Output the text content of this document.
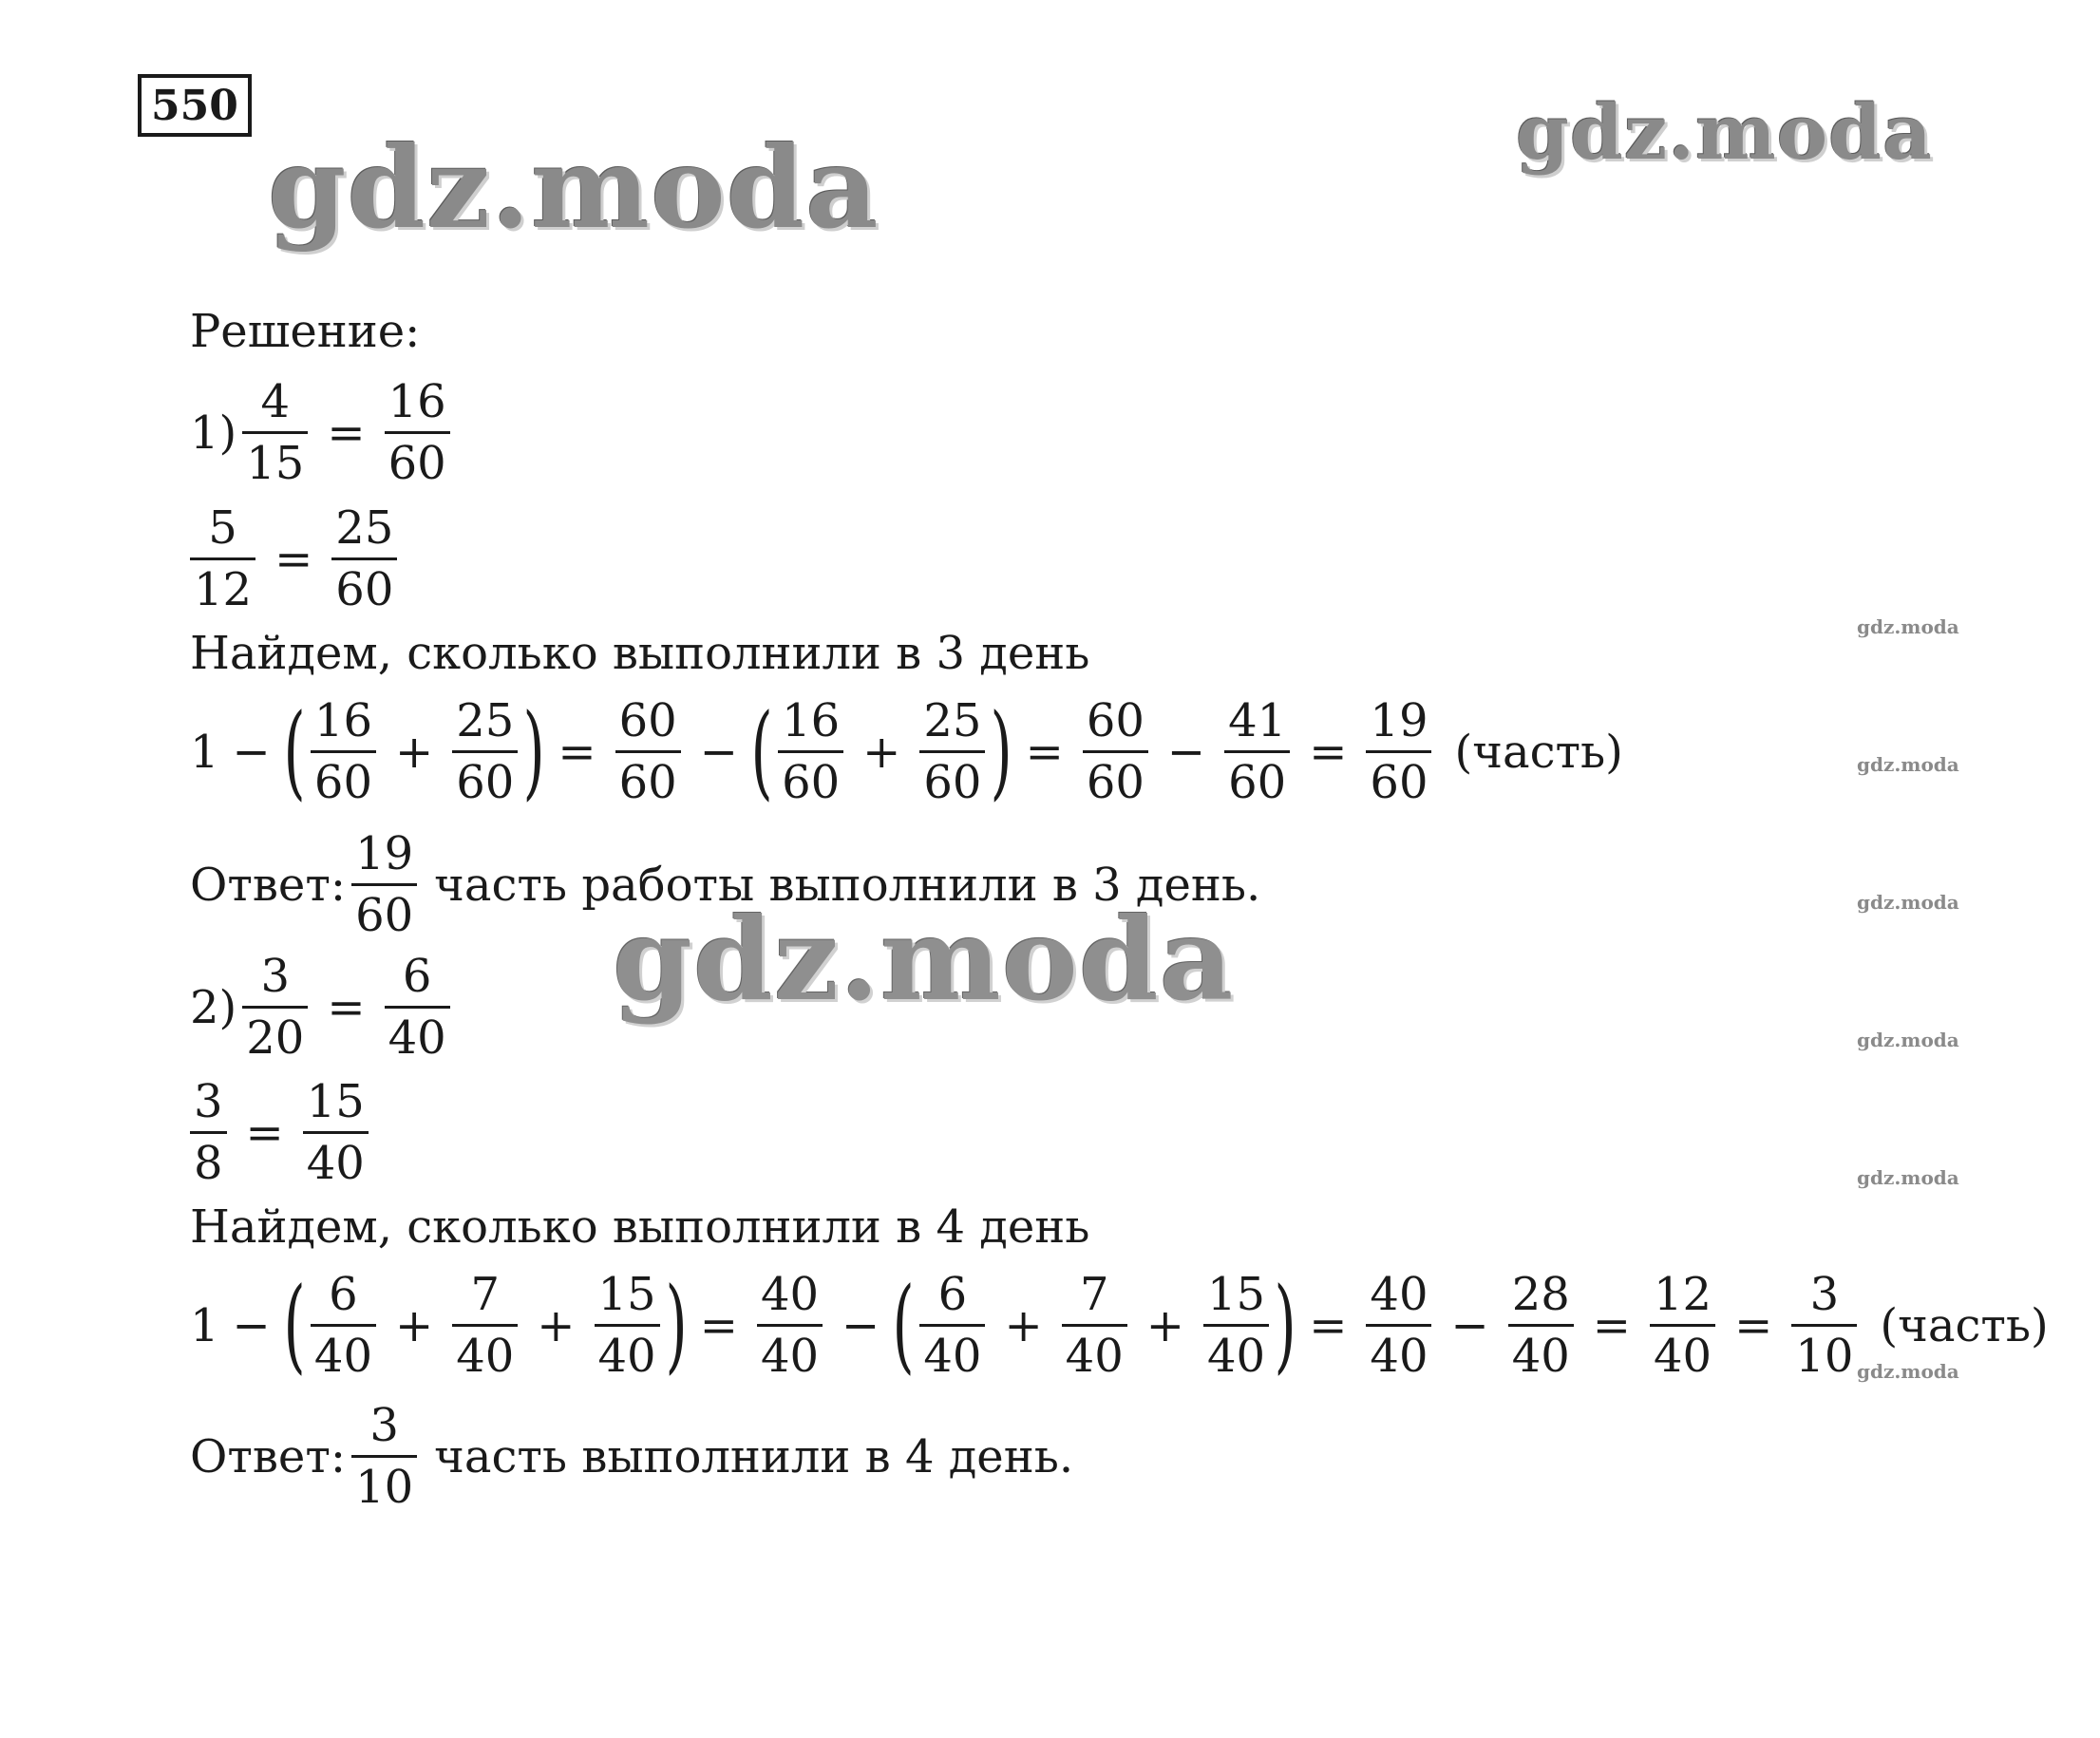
550
gdz.moda	gdz.moda
gdz.moda
gdz.moda
gdz.moda
gdz.moda
gdz.moda
gdz.moda
Решение:
$1) \frac{4}{15} = \frac{16}{60}$
$\frac{5}{12} = \frac{25}{60}$
Найдем, сколько выполнили в 3 день
1 − ( $\frac{16}{60} + \frac{25}{60}$ ) = $\frac{60}{60}$ − ( $\frac{16}{60} + \frac{25}{60}$ ) = $\frac{60}{60} - \frac{41}{60} = \frac{19}{60}$ (часть)
Ответ: $\frac{19}{60}$ часть работы выполнили в 3 день.
$2) \frac{3}{20} = \frac{6}{40}$
$\frac{3}{8} = \frac{15}{40}$
Найдем, сколько выполнили в 4 день
1 − ( $\frac{6}{40} + \frac{7}{40} + \frac{15}{40}$ ) = $\frac{40}{40}$ − ( $\frac{6}{40} + \frac{7}{40} + \frac{15}{40}$ ) = $\frac{40}{40} - \frac{28}{40} = \frac{12}{40} = \frac{3}{10}$ (часть)
Ответ: $\frac{3}{10}$ часть выполнили в 4 день.
gdz.moda
